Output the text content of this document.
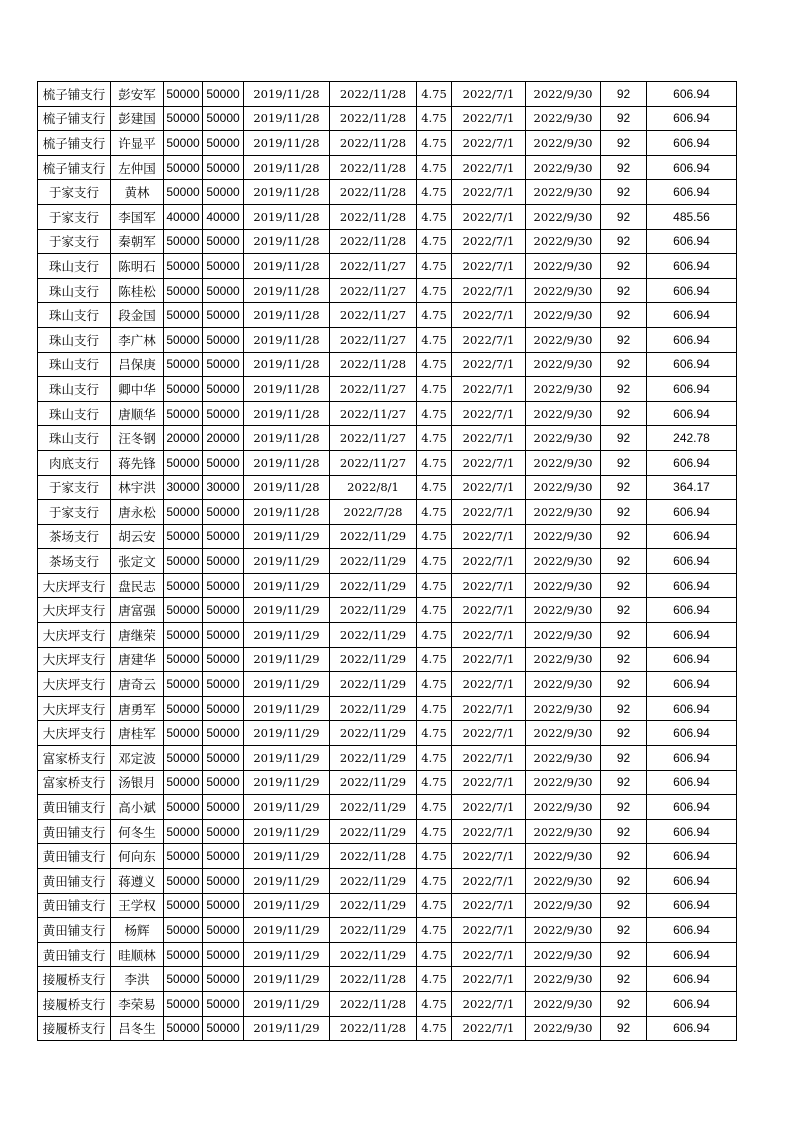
梳子铺支行	彭安军	50000	50000	2019/11/28	2022/11/28	4.75	2022/7/1	2022/9/30	92	606.94
梳子铺支行	彭建国	50000	50000	2019/11/28	2022/11/28	4.75	2022/7/1	2022/9/30	92	606.94
梳子铺支行	许显平	50000	50000	2019/11/28	2022/11/28	4.75	2022/7/1	2022/9/30	92	606.94
梳子铺支行	左仲国	50000	50000	2019/11/28	2022/11/28	4.75	2022/7/1	2022/9/30	92	606.94
于家支行	黄林	50000	50000	2019/11/28	2022/11/28	4.75	2022/7/1	2022/9/30	92	606.94
于家支行	李国军	40000	40000	2019/11/28	2022/11/28	4.75	2022/7/1	2022/9/30	92	485.56
于家支行	秦朝军	50000	50000	2019/11/28	2022/11/28	4.75	2022/7/1	2022/9/30	92	606.94
珠山支行	陈明石	50000	50000	2019/11/28	2022/11/27	4.75	2022/7/1	2022/9/30	92	606.94
珠山支行	陈桂松	50000	50000	2019/11/28	2022/11/27	4.75	2022/7/1	2022/9/30	92	606.94
珠山支行	段金国	50000	50000	2019/11/28	2022/11/27	4.75	2022/7/1	2022/9/30	92	606.94
珠山支行	李广林	50000	50000	2019/11/28	2022/11/27	4.75	2022/7/1	2022/9/30	92	606.94
珠山支行	吕保庚	50000	50000	2019/11/28	2022/11/28	4.75	2022/7/1	2022/9/30	92	606.94
珠山支行	卿中华	50000	50000	2019/11/28	2022/11/27	4.75	2022/7/1	2022/9/30	92	606.94
珠山支行	唐顺华	50000	50000	2019/11/28	2022/11/27	4.75	2022/7/1	2022/9/30	92	606.94
珠山支行	汪冬钢	20000	20000	2019/11/28	2022/11/27	4.75	2022/7/1	2022/9/30	92	242.78
肉底支行	蒋先锋	50000	50000	2019/11/28	2022/11/27	4.75	2022/7/1	2022/9/30	92	606.94
于家支行	林宇洪	30000	30000	2019/11/28	2022/8/1	4.75	2022/7/1	2022/9/30	92	364.17
于家支行	唐永松	50000	50000	2019/11/28	2022/7/28	4.75	2022/7/1	2022/9/30	92	606.94
茶场支行	胡云安	50000	50000	2019/11/29	2022/11/29	4.75	2022/7/1	2022/9/30	92	606.94
茶场支行	张定文	50000	50000	2019/11/29	2022/11/29	4.75	2022/7/1	2022/9/30	92	606.94
大庆坪支行	盘民志	50000	50000	2019/11/29	2022/11/29	4.75	2022/7/1	2022/9/30	92	606.94
大庆坪支行	唐富强	50000	50000	2019/11/29	2022/11/29	4.75	2022/7/1	2022/9/30	92	606.94
大庆坪支行	唐继荣	50000	50000	2019/11/29	2022/11/29	4.75	2022/7/1	2022/9/30	92	606.94
大庆坪支行	唐建华	50000	50000	2019/11/29	2022/11/29	4.75	2022/7/1	2022/9/30	92	606.94
大庆坪支行	唐奇云	50000	50000	2019/11/29	2022/11/29	4.75	2022/7/1	2022/9/30	92	606.94
大庆坪支行	唐勇军	50000	50000	2019/11/29	2022/11/29	4.75	2022/7/1	2022/9/30	92	606.94
大庆坪支行	唐桂军	50000	50000	2019/11/29	2022/11/29	4.75	2022/7/1	2022/9/30	92	606.94
富家桥支行	邓定波	50000	50000	2019/11/29	2022/11/29	4.75	2022/7/1	2022/9/30	92	606.94
富家桥支行	汤银月	50000	50000	2019/11/29	2022/11/29	4.75	2022/7/1	2022/9/30	92	606.94
黄田铺支行	高小斌	50000	50000	2019/11/29	2022/11/29	4.75	2022/7/1	2022/9/30	92	606.94
黄田铺支行	何冬生	50000	50000	2019/11/29	2022/11/29	4.75	2022/7/1	2022/9/30	92	606.94
黄田铺支行	何向东	50000	50000	2019/11/29	2022/11/28	4.75	2022/7/1	2022/9/30	92	606.94
黄田铺支行	蒋遵义	50000	50000	2019/11/29	2022/11/29	4.75	2022/7/1	2022/9/30	92	606.94
黄田铺支行	王学权	50000	50000	2019/11/29	2022/11/29	4.75	2022/7/1	2022/9/30	92	606.94
黄田铺支行	杨辉	50000	50000	2019/11/29	2022/11/29	4.75	2022/7/1	2022/9/30	92	606.94
黄田铺支行	眭顺林	50000	50000	2019/11/29	2022/11/29	4.75	2022/7/1	2022/9/30	92	606.94
接履桥支行	李洪	50000	50000	2019/11/29	2022/11/28	4.75	2022/7/1	2022/9/30	92	606.94
接履桥支行	李荣易	50000	50000	2019/11/29	2022/11/28	4.75	2022/7/1	2022/9/30	92	606.94
接履桥支行	吕冬生	50000	50000	2019/11/29	2022/11/28	4.75	2022/7/1	2022/9/30	92	606.94
